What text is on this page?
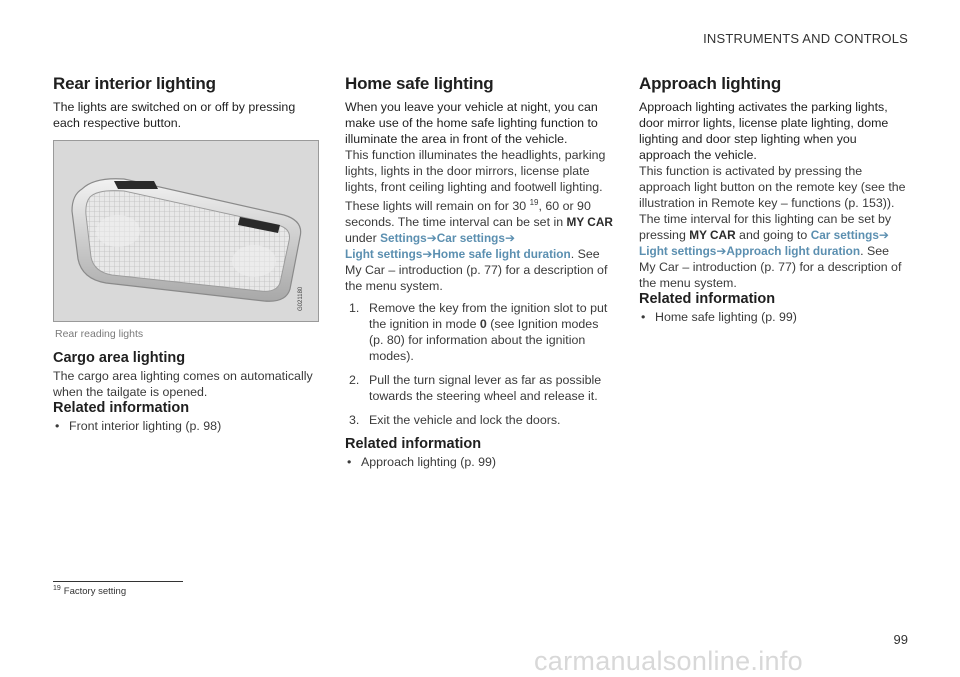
INSTRUMENTS AND CONTROLS
Rear interior lighting

The lights are switched on or off by pressing each respective button.

G021180
Rear reading lights
Cargo area lighting

The cargo area lighting comes on automatically when the tailgate is opened.

Related information
• Front interior lighting (p. 98)
Home safe lighting

When you leave your vehicle at night, you can make use of the home safe lighting function to illuminate the area in front of the vehicle.

This function illuminates the headlights, parking lights, lights in the door mirrors, license plate lights, front ceiling lighting and footwell lighting.

These lights will remain on for 30 $^{19}$, 60 or 90 seconds. The time interval can be set in MY CAR under Settings➔Car settings➔
Light settings➔Home safe light duration. See My Car – introduction (p. 77) for a description of the menu system.

1. Remove the key from the ignition slot to put the ignition in mode 0 (see Ignition modes (p. 80) for information about the ignition modes).
2. Pull the turn signal lever as far as possible towards the steering wheel and release it.
3. Exit the vehicle and lock the doors.
Related information
• Approach lighting (p. 99)
Approach lighting

Approach lighting activates the parking lights, door mirror lights, license plate lighting, dome lighting and door step lighting when you approach the vehicle.

This function is activated by pressing the approach light button on the remote key (see the illustration in Remote key – functions (p. 153)).

The time interval for this lighting can be set by pressing MY CAR and going to Car settings➔
Light settings➔Approach light duration. See My Car – introduction (p. 77) for a description of the menu system.

Related information
• Home safe lighting (p. 99)
$^{19}$ Factory setting
99
carmanualsonline.info
